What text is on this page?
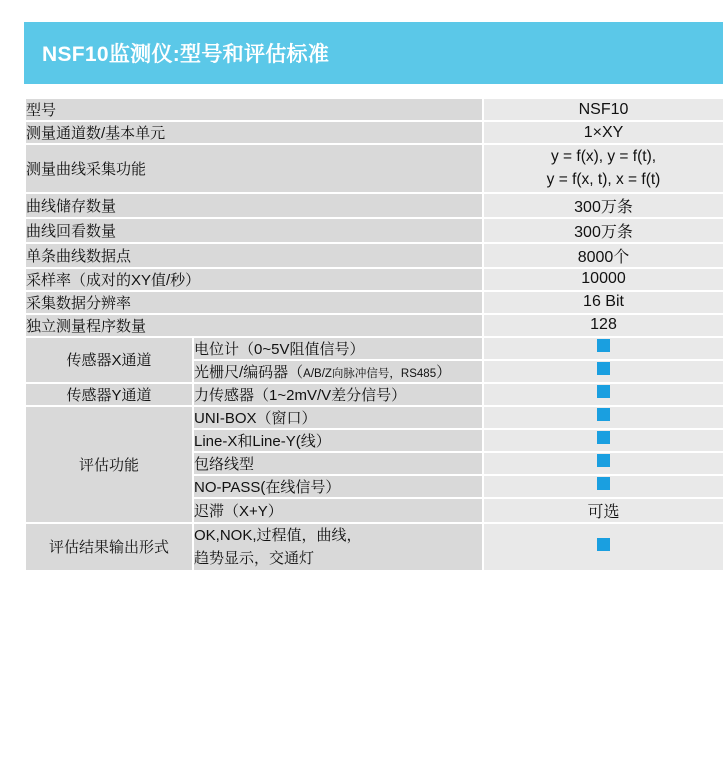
NSF10监测仪:型号和评估标准
型号		NSF10
测量通道数/基本单元		1×XY
测量曲线采集功能		y = f(x), y = f(t),
y = f(x, t), x = f(t)

曲线储存数量		300万条
曲线回看数量		300万条
单条曲线数据点		8000个
采样率（成对的XY值/秒）		10000
采集数据分辨率		16 Bit
独立测量程序数量		128
传感器X通道	电位计（0~5V阻值信号）	
	光栅尺/编码器（A/B/Z向脉冲信号，RS485）	
传感器Y通道	力传感器（1~2mV/V差分信号）	
评估功能	UNI-BOX（窗口）	
	Line-X和Line-Y(线）	
	包络线型	
	NO-PASS(在线信号）	
	迟滞（X+Y）	可选
评估结果输出形式	OK,NOK,过程值，曲线，
趋势显示，交通灯	
